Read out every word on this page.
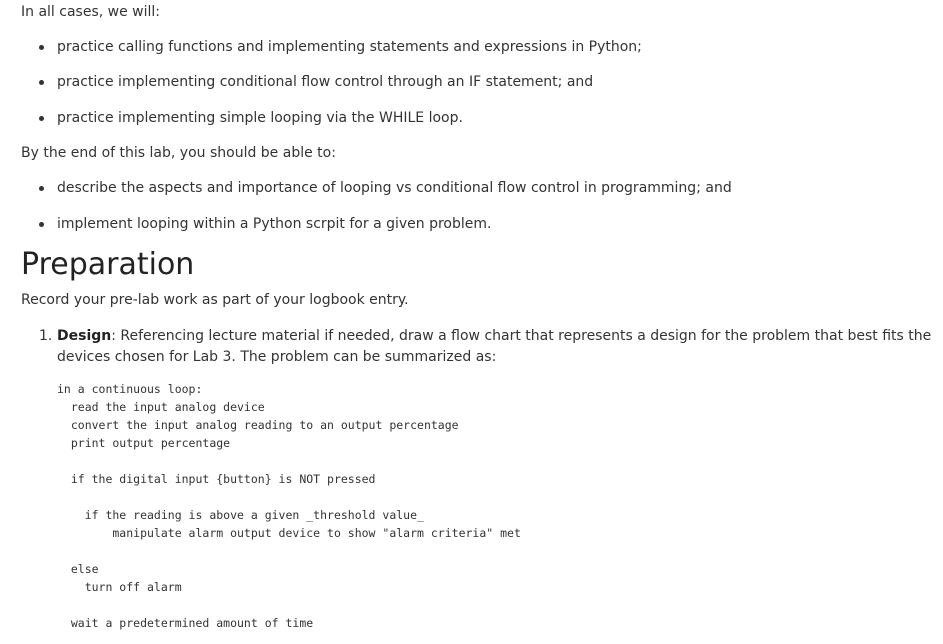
In all cases, we will:

practice calling functions and implementing statements and expressions in Python;
practice implementing conditional flow control through an IF statement; and
practice implementing simple looping via the WHILE loop.

By the end of this lab, you should be able to:

describe the aspects and importance of looping vs conditional flow control in programming; and
implement looping within a Python scrpit for a given problem.
Preparation

Record your pre-lab work as part of your logbook entry.

1. Design: Referencing lecture material if needed, draw a flow chart that represents a design for the problem that best fits the devices chosen for Lab 3. The problem can be summarized as:
in a continuous loop:
read the input analog device
convert the input analog reading to an output percentage
print output percentage

if the digital input {button} is NOT pressed

if the reading is above a given _threshold value_
manipulate alarm output device to show "alarm criteria" met

else
turn off alarm

wait a predetermined amount of time
